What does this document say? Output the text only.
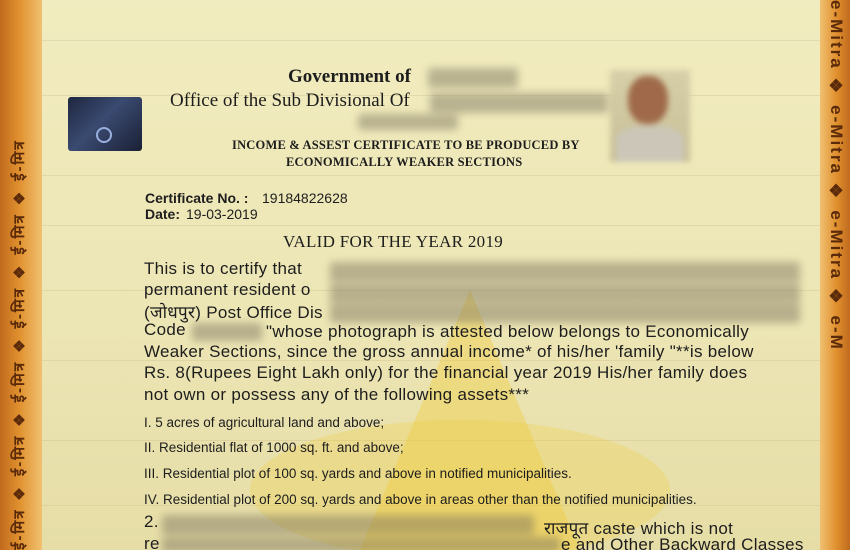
ई-मित्र ❖ ई-मित्र ❖ ई-मित्र ❖ ई-मित्र ❖ ई-मित्र ❖ ई-मित्र	e-Mitra ❖ e-Mitra ❖ e-Mitra ❖ e-M
Government of
Office of the Sub Divisional Of
INCOME & ASSEST CERTIFICATE TO BE PRODUCED BY
ECONOMICALLY WEAKER SECTIONS
Certificate No. : 19184822628
Date: 19-03-2019
VALID FOR THE YEAR 2019
This is to certify that
permanent resident o
(जोधपुर) Post Office Dis
Code	"whose photograph is attested below belongs to Economically
Weaker Sections, since the gross annual income* of his/her 'family "**is below
Rs. 8(Rupees Eight Lakh only) for the financial year 2019 His/her family does
not own or possess any of the following assets***
I. 5 acres of agricultural land and above;
II. Residential flat of 1000 sq. ft. and above;
III. Residential plot of 100 sq. yards and above in notified municipalities.
IV. Residential plot of 200 sq. yards and above in areas other than the notified municipalities.
2.	राजपूत caste which is not
re	e and Other Backward Classes
